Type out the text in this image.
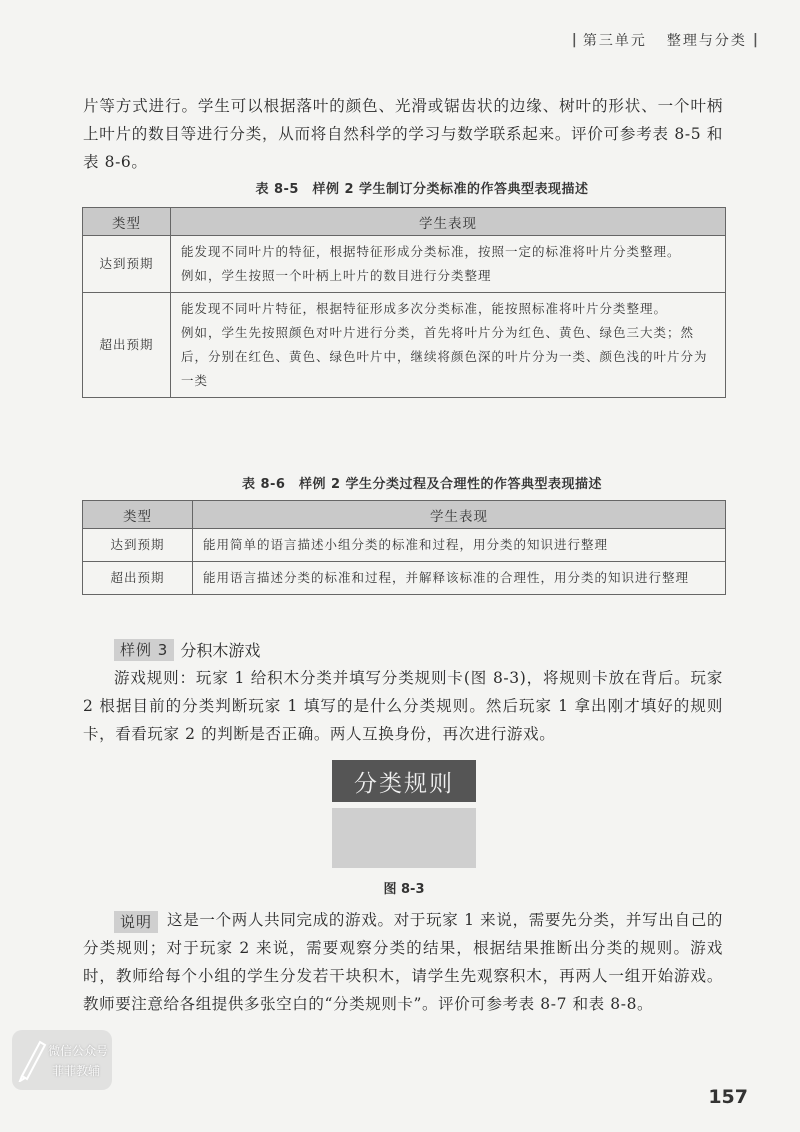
| 第三单元 整理与分类 |
片等方式进行。学生可以根据落叶的颜色、光滑或锯齿状的边缘、树叶的形状、一个叶柄上叶片的数目等进行分类，从而将自然科学的学习与数学联系起来。评价可参考表 8-5 和表 8-6。
表 8-5　样例 2 学生制订分类标准的作答典型表现描述
类型	学生表现
达到预期	能发现不同叶片的特征，根据特征形成分类标准，按照一定的标准将叶片分类整理。
例如，学生按照一个叶柄上叶片的数目进行分类整理

超出预期	能发现不同叶片特征，根据特征形成多次分类标准，能按照标准将叶片分类整理。
例如，学生先按照颜色对叶片进行分类，首先将叶片分为红色、黄色、绿色三大类；然后，分别在红色、黄色、绿色叶片中，继续将颜色深的叶片分为一类、颜色浅的叶片分为一类
表 8-6　样例 2 学生分类过程及合理性的作答典型表现描述
类型	学生表现
达到预期	能用简单的语言描述小组分类的标准和过程，用分类的知识进行整理
超出预期	能用语言描述分类的标准和过程，并解释该标准的合理性，用分类的知识进行整理
样例 3 分积木游戏
游戏规则：玩家 1 给积木分类并填写分类规则卡(图 8-3)，将规则卡放在背后。玩家 2 根据目前的分类判断玩家 1 填写的是什么分类规则。然后玩家 1 拿出刚才填好的规则卡，看看玩家 2 的判断是否正确。两人互换身份，再次进行游戏。
分类规则
图 8-3
这是一个两人共同完成的游戏。对于玩家 1 来说，需要先分类，并写出自己的分类规则；对于玩家 2 来说，需要观察分类的结果，根据结果推断出分类的规则。游戏时，教师给每个小组的学生分发若干块积木，请学生先观察积木，再两人一组开始游戏。教师要注意给各组提供多张空白的“分类规则卡”。评价可参考表 8-7 和表 8-8。
说明
微信公众号
菲菲教辅
157
